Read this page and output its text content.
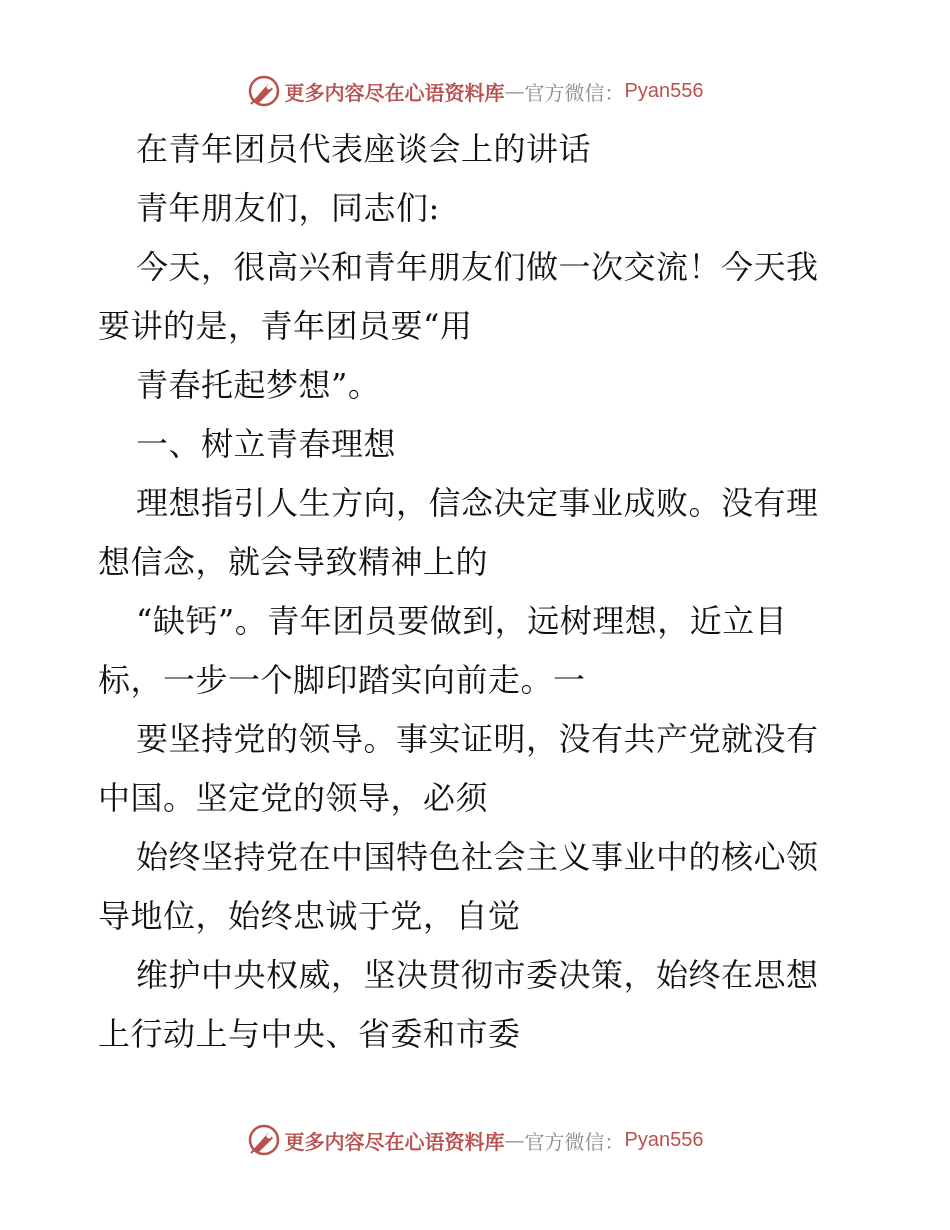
更多内容尽在心语资料库 — 官方微信： Pyan556
在青年团员代表座谈会上的讲话
青年朋友们，同志们:
今天，很高兴和青年朋友们做一次交流！今天我
要讲的是，青年团员要“用
青春托起梦想”。
一、树立青春理想
理想指引人生方向，信念决定事业成败。没有理
想信念，就会导致精神上的
“缺钙”。青年团员要做到，远树理想，近立目
标，一步一个脚印踏实向前走。一
要坚持党的领导。事实证明，没有共产党就没有
中国。坚定党的领导，必须
始终坚持党在中国特色社会主义事业中的核心领
导地位，始终忠诚于党，自觉
维护中央权威，坚决贯彻市委决策，始终在思想
上行动上与中央、省委和市委
更多内容尽在心语资料库 — 官方微信： Pyan556
